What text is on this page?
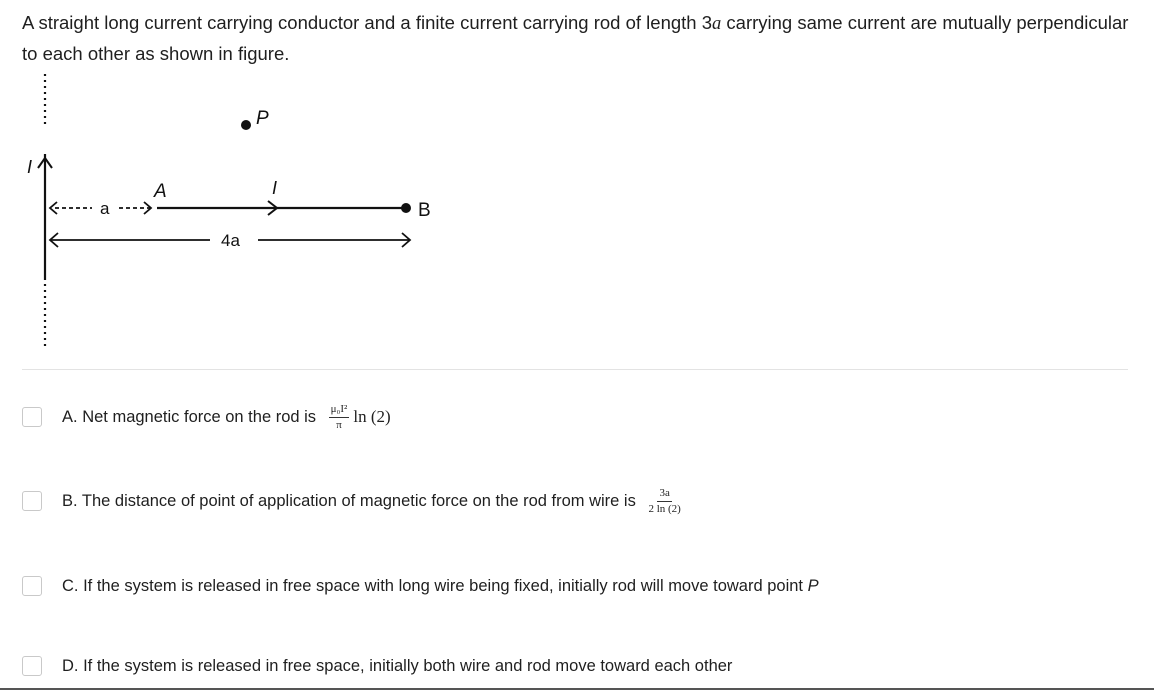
A straight long current carrying conductor and a finite current carrying rod of length 3a carrying same current are mutually perpendicular to each other as shown in figure.
I
P
a
A	I
B
4a
A. Net magnetic force on the rod is $\frac{\text{μ₀I²}}{\pi}$ ln (2)
B. The distance of point of application of magnetic force on the rod from wire is $\frac{3a}{2 \ln (2)}$
C. If the system is released in free space with long wire being fixed, initially rod will move toward point P
D. If the system is released in free space, initially both wire and rod move toward each other
